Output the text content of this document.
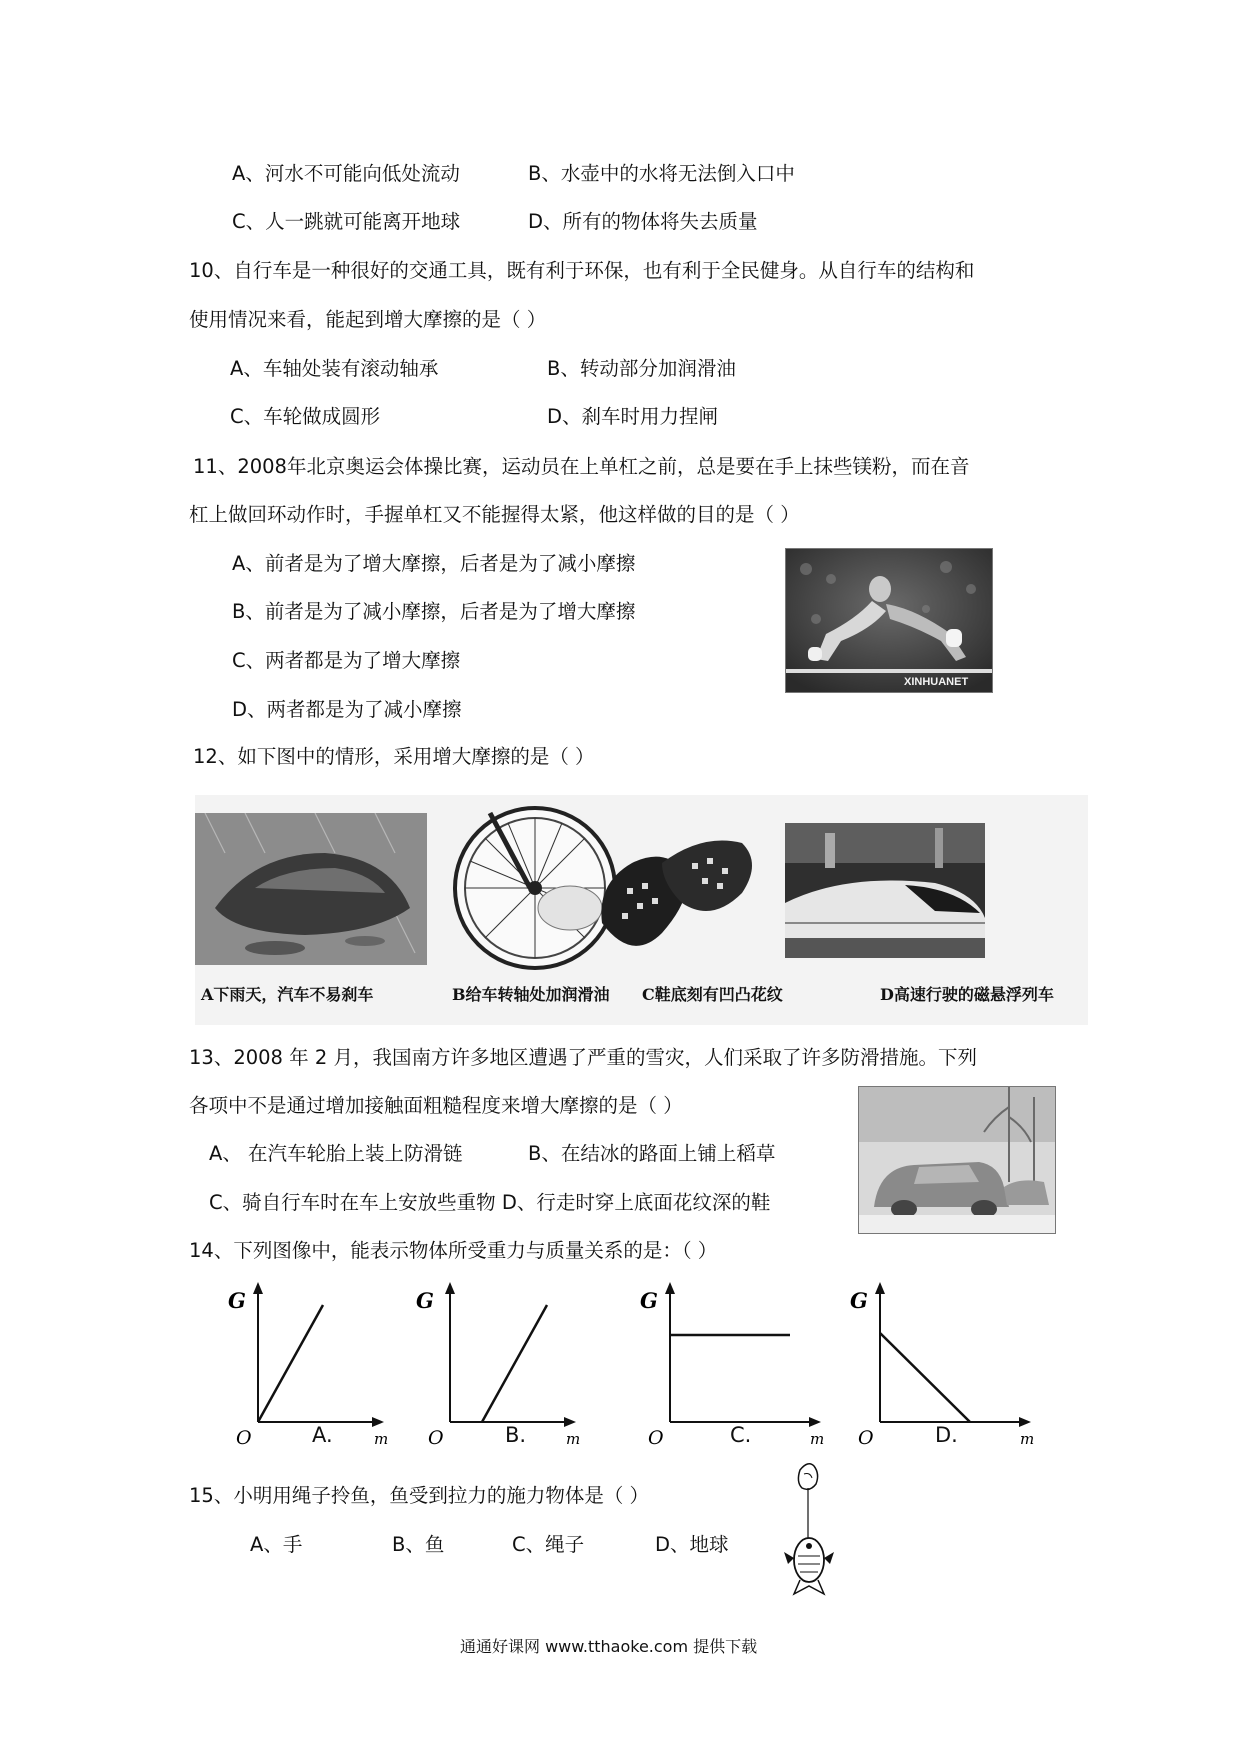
A、河水不可能向低处流动	B、水壶中的水将无法倒入口中
C、人一跳就可能离开地球	D、所有的物体将失去质量
10、自行车是一种很好的交通工具，既有利于环保，也有利于全民健身。从自行车的结构和
使用情况来看，能起到增大摩擦的是（ ）
A、车轴处装有滚动轴承	B、转动部分加润滑油
C、车轮做成圆形	D、刹车时用力捏闸
11、2008年北京奥运会体操比赛，运动员在上单杠之前，总是要在手上抹些镁粉，而在音
杠上做回环动作时，手握单杠又不能握得太紧，他这样做的目的是（ ）
A、前者是为了增大摩擦，后者是为了减小摩擦
B、前者是为了减小摩擦，后者是为了增大摩擦
C、两者都是为了增大摩擦
D、两者都是为了减小摩擦
XINHUANET
12、如下图中的情形，采用增大摩擦的是（ ）
A下雨天，汽车不易刹车	B给车转轴处加润滑油 C鞋底刻有凹凸花纹	D高速行驶的磁悬浮列车
13、2008 年 2 月，我国南方许多地区遭遇了严重的雪灾，人们采取了许多防滑措施。下列
各项中不是通过增加接触面粗糙程度来增大摩擦的是（ ）
A、 在汽车轮胎上装上防滑链	B、在结冰的路面上铺上稻草
C、骑自行车时在车上安放些重物 D、行走时穿上底面花纹深的鞋
14、下列图像中，能表示物体所受重力与质量关系的是：（ ）
G
O	m
A.
G
O	m
B.
G
O	m
C.
G
O	m
D.
15、小明用绳子拎鱼，鱼受到拉力的施力物体是（ ）
A、手	B、鱼	C、绳子	D、地球
通通好课网 www.tthaoke.com 提供下载
